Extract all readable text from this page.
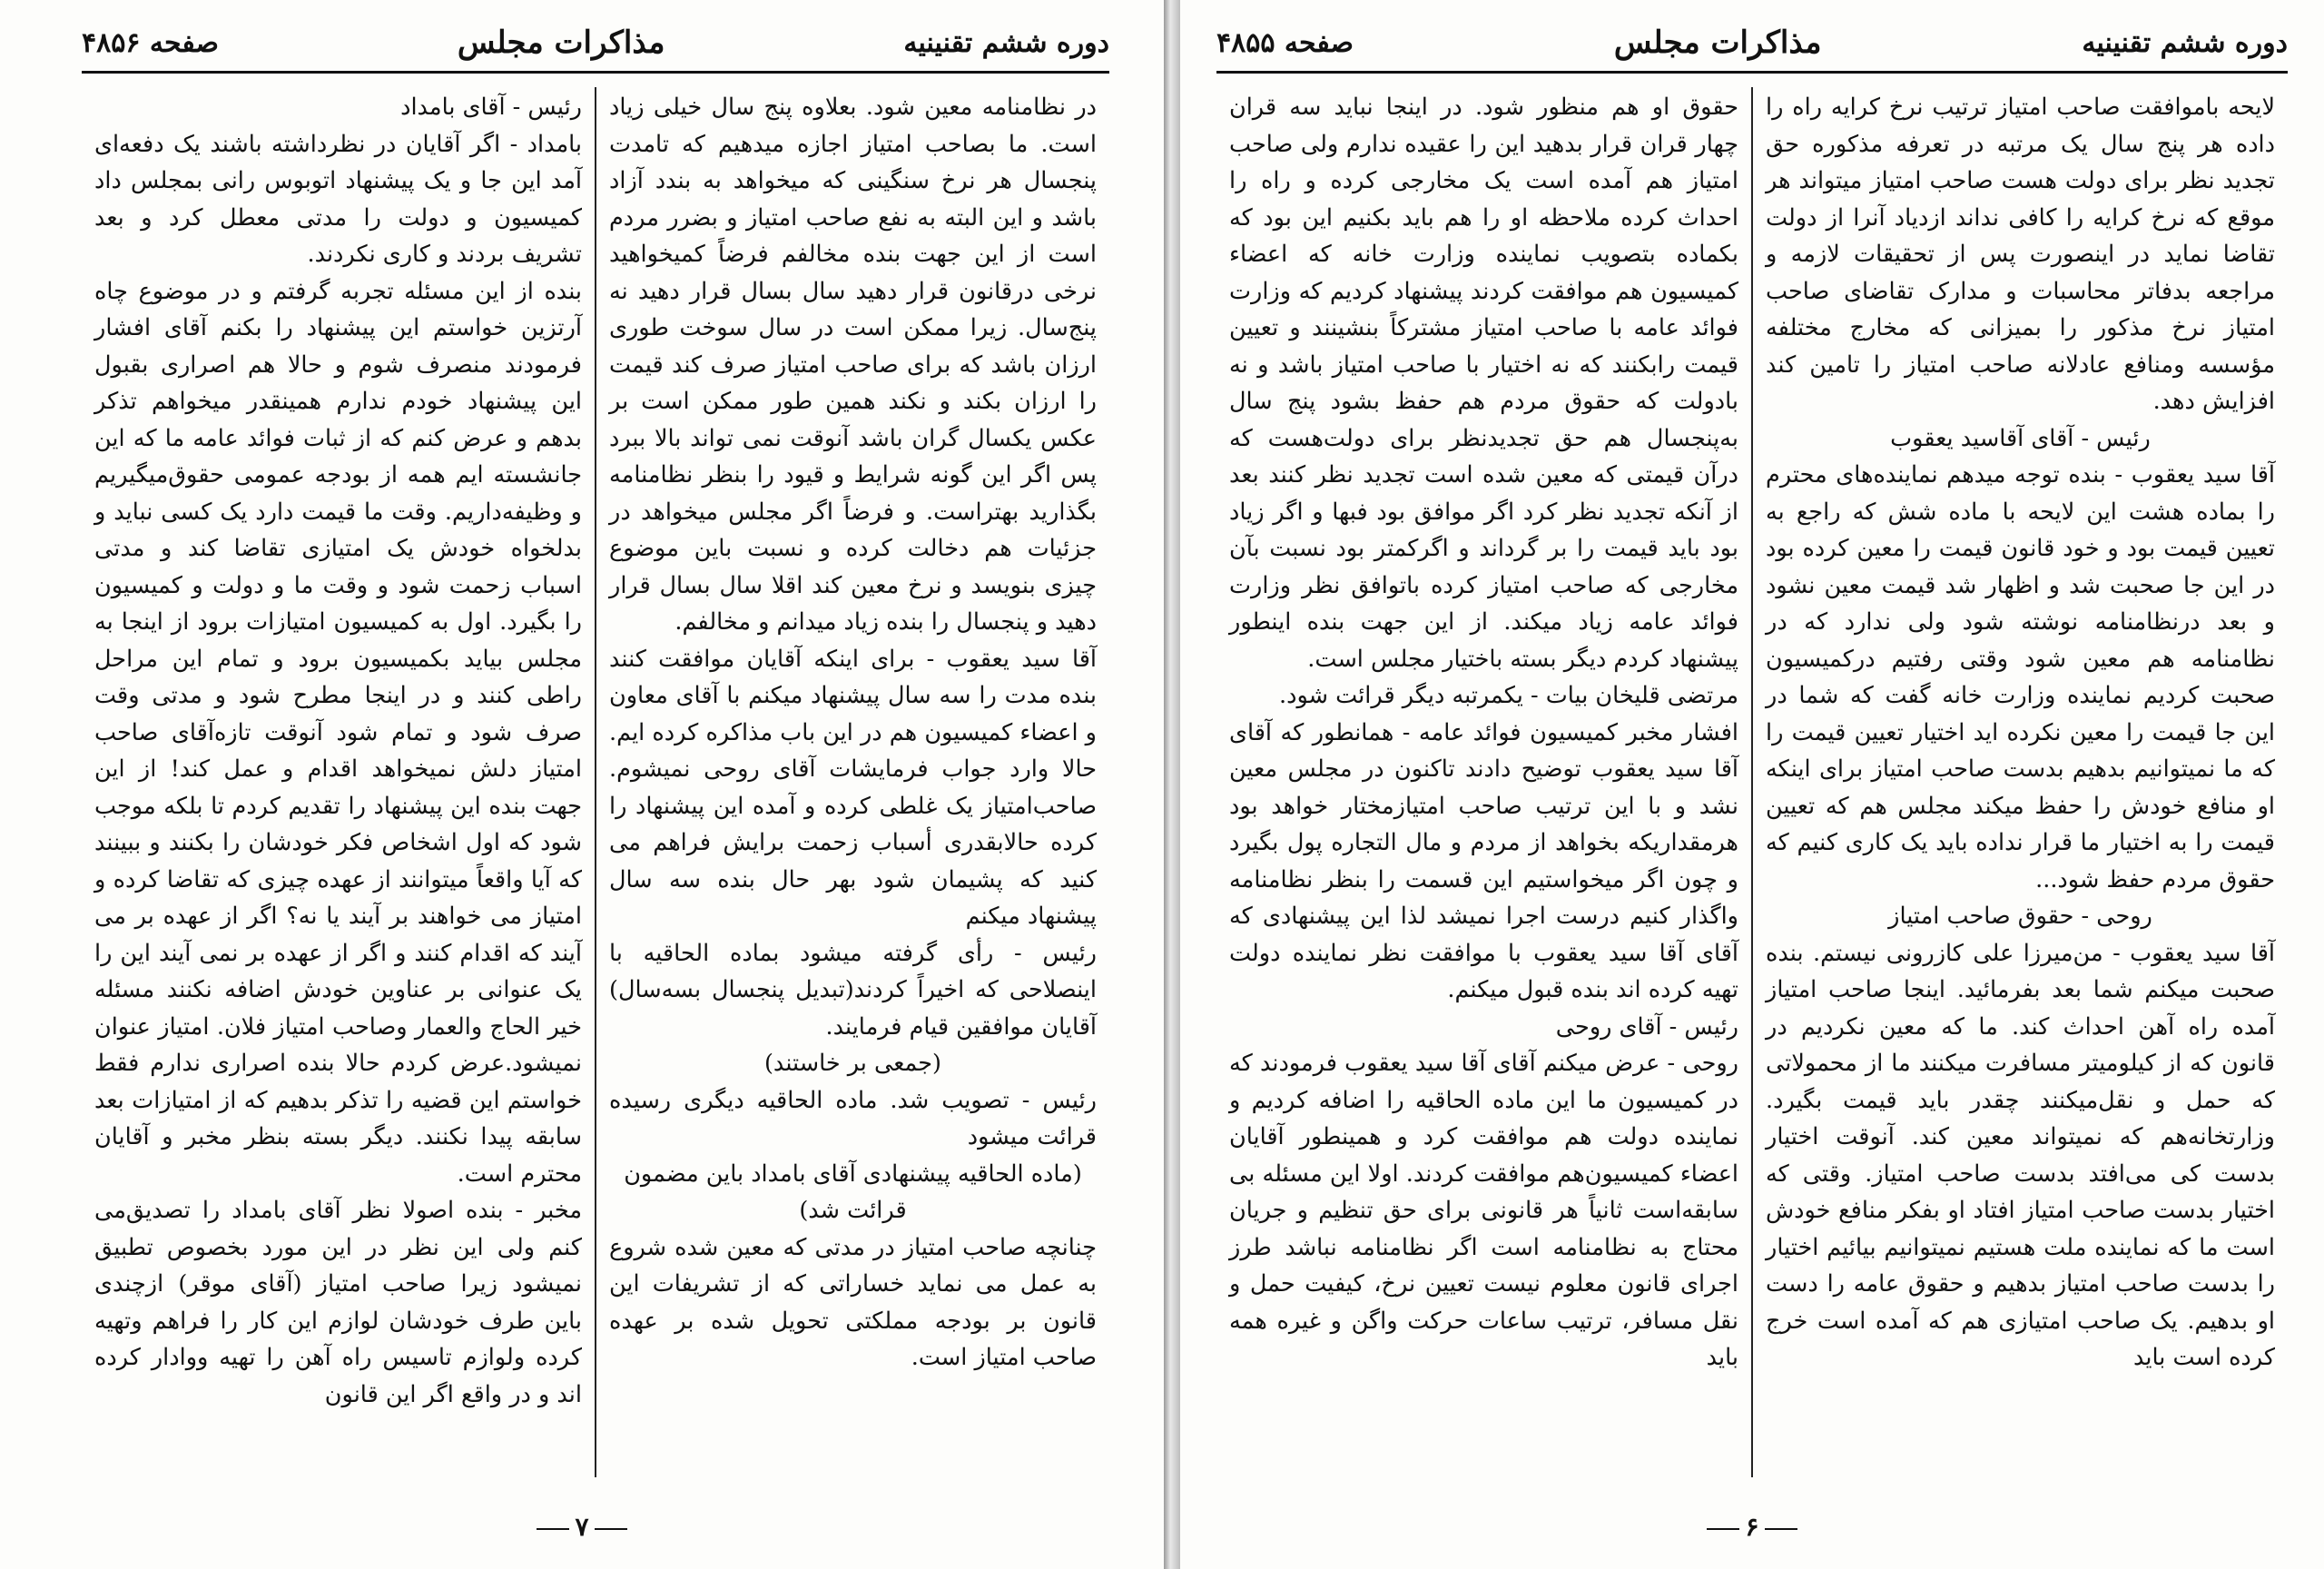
صفحه ۴۸۵۶	مذاکرات مجلس	دوره ششم تقنینیه

رئیس - آقای بامداد

بامداد - اگر آقایان در نظرداشته باشند یک دفعه‌ای آمد این جا و یک پیشنهاد اتوبوس رانی بمجلس داد کمیسیون و دولت را مدتی معطل کرد و بعد تشریف بردند و کاری نکردند.

بنده از این مسئله تجربه گرفتم و در موضوع چاه آرتزین خواستم این پیشنهاد را بکنم آقای افشار فرمودند منصرف شوم و حالا هم اصراری بقبول این پیشنهاد خودم ندارم همینقدر میخواهم تذکر بدهم و عرض کنم که از ثبات فوائد عامه ما که این جانشسته ایم همه از بودجه عمومی حقوق‌میگیریم و وظیفه‌داریم. وقت ما قیمت دارد یک کسی نباید و بدلخواه خودش یک امتیازی تقاضا کند و مدتی اسباب زحمت شود و وقت ما و دولت و کمیسیون را بگیرد. اول به کمیسیون امتیازات برود از اینجا به مجلس بیاید بکمیسیون برود و تمام این مراحل راطی کنند و در اینجا مطرح شود و مدتی وقت صرف شود و تمام شود آنوقت تازه‌آقای صاحب امتیاز دلش نمیخواهد اقدام و عمل کند! از این جهت بنده این پیشنهاد را تقدیم کردم تا بلکه موجب شود که اول اشخاص فکر خودشان را بکنند و ببینند که آیا واقعاً میتوانند از عهده چیزی که تقاضا کرده و امتیاز می خواهند بر آیند یا نه؟ اگر از عهده بر می آیند که اقدام کنند و اگر از عهده بر نمی آیند این را یک عنوانی بر عناوین خودش اضافه نکنند مسئله خیر الحاج والعمار وصاحب امتیاز فلان. امتیاز عنوان نمیشود.عرض کردم حالا بنده اصراری ندارم فقط خواستم این قضیه را تذکر بدهیم که از امتیازات بعد سابقه پیدا نکنند. دیگر بسته بنظر مخبر و آقایان محترم است.

مخبر - بنده اصولا نظر آقای بامداد را تصدیق‌می کنم ولی این نظر در این مورد بخصوص تطبیق نمیشود زیرا صاحب امتیاز (آقای موقر) ازچندی باین طرف خودشان لوازم این کار را فراهم وتهیه کرده ولوازم تاسیس راه آهن را تهیه ووادار کرده اند و در واقع اگر این قانون

در نظامنامه معین شود. بعلاوه پنج سال خیلی زیاد است. ما بصاحب امتیاز اجازه میدهیم که تامدت پنجسال هر نرخ سنگینی که میخواهد به بندد آزاد باشد و این البته به نفع صاحب امتیاز و بضرر مردم است از این جهت بنده مخالفم فرضاً کمیخواهید نرخی درقانون قرار دهید سال بسال قرار دهید نه پنج‌سال. زیرا ممکن است در سال سوخت طوری ارزان باشد که برای صاحب امتیاز صرف کند قیمت را ارزان بکند و نکند همین طور ممکن است بر عکس یکسال گران باشد آنوقت نمی تواند بالا ببرد پس اگر این گونه شرایط و قیود را بنظر نظامنامه بگذارید بهتراست. و فرضاً اگر مجلس میخواهد در جزئیات هم دخالت کرده و نسبت باین موضوع چیزی بنویسد و نرخ معین کند اقلا سال بسال قرار دهید و پنجسال را بنده زیاد میدانم و مخالفم.

آقا سید یعقوب - برای اینکه آقایان موافقت کنند بنده مدت را سه سال پیشنهاد میکنم با آقای معاون و اعضاء کمیسیون هم در این باب مذاکره کرده ایم. حالا وارد جواب فرمایشات آقای روحی نمیشوم. صاحب‌امتیاز یک غلطی کرده و آمده این پیشنهاد را کرده حالابقدری أسباب زحمت برایش فراهم می کنید که پشیمان شود بهر حال بنده سه سال پیشنهاد میکنم

رئیس - رأی گرفته میشود بماده الحاقیه با اینصلاحی که اخیراً کردند(تبدیل پنجسال بسه‌سال) آقایان موافقین قیام فرمایند.

(جمعی بر خاستند)

رئیس - تصویب شد. ماده الحاقیه دیگری رسیده قرائت میشود

(ماده الحاقیه پیشنهادی آقای بامداد باین مضمون قرائت شد)

چنانچه صاحب امتیاز در مدتی که معین شده شروع به عمل می نماید خساراتی که از تشریفات این قانون بر بودجه مملکتی تحویل شده بر عهده صاحب امتیاز است.

۷
صفحه ۴۸۵۵	مذاکرات مجلس	دوره ششم تقنینیه

حقوق او هم منظور شود. در اینجا نباید سه قران چهار قران قرار بدهید این را عقیده ندارم ولی صاحب امتیاز هم آمده است یک مخارجی کرده و راه را احداث کرده ملاحظه او را هم باید بکنیم این بود که بکماده بتصویب نماینده وزارت خانه که اعضاء کمیسیون هم موافقت کردند پیشنهاد کردیم که وزارت فوائد عامه با صاحب امتیاز مشترکاً بنشینند و تعیین قیمت رابکنند که نه اختیار با صاحب امتیاز باشد و نه بادولت که حقوق مردم هم حفظ بشود پنج سال به‌پنجسال هم حق تجدیدنظر برای دولت‌هست که درآن قیمتی که معین شده است تجدید نظر کنند بعد از آنکه تجدید نظر کرد اگر موافق بود فبها و اگر زیاد بود باید قیمت را بر گرداند و اگرکمتر بود نسبت بآن مخارجی که صاحب امتیاز کرده باتوافق نظر وزارت فوائد عامه زیاد میکند. از این جهت بنده اینطور پیشنهاد کردم دیگر بسته باختیار مجلس است.

مرتضی قلیخان بیات - یکمرتبه دیگر قرائت شود.

افشار مخبر کمیسیون فوائد عامه - همانطور که آقای آقا سید یعقوب توضیح دادند تاکنون در مجلس معین نشد و با این ترتیب صاحب امتیازمختار خواهد بود هرمقداریکه بخواهد از مردم و مال التجاره پول بگیرد و چون اگر میخواستیم این قسمت را بنظر نظامنامه واگذار کنیم درست اجرا نمیشد لذا این پیشنهادی که آقای آقا سید یعقوب با موافقت نظر نماینده دولت تهیه کرده اند بنده قبول میکنم.

رئیس - آقای روحی

روحی - عرض میکنم آقای آقا سید یعقوب فرمودند که در کمیسیون ما این ماده الحاقیه را اضافه کردیم و نماینده دولت هم موافقت کرد و همینطور آقایان اعضاء کمیسیون‌هم موافقت کردند. اولا این مسئله بی سابقه‌است ثانیاً هر قانونی برای حق تنظیم و جریان محتاج به نظامنامه است اگر نظامنامه نباشد طرز اجرای قانون معلوم نیست تعیین نرخ، کیفیت حمل و نقل مسافر، ترتیب ساعات حرکت واگن و غیره همه باید

لایحه باموافقت صاحب امتیاز ترتیب نرخ کرایه راه را داده هر پنج سال یک مرتبه در تعرفه مذکوره حق تجدید نظر برای دولت هست صاحب امتیاز میتواند هر موقع که نرخ کرایه را کافی نداند ازدیاد آنرا از دولت تقاضا نماید در اینصورت پس از تحقیقات لازمه و مراجعه بدفاتر محاسبات و مدارک تقاضای صاحب امتیاز نرخ مذکور را بمیزانی که مخارج مختلفه مؤسسه ومنافع عادلانه صاحب امتیاز را تامین کند افزایش دهد.

رئیس - آقای آقاسید یعقوب

آقا سید یعقوب - بنده توجه میدهم نماینده‌های محترم را بماده هشت این لایحه با ماده شش که راجع به تعیین قیمت بود و خود قانون قیمت را معین کرده بود در این جا صحبت شد و اظهار شد قیمت معین نشود و بعد درنظامنامه نوشته شود ولی ندارد که در نظامنامه هم معین شود وقتی رفتیم درکمیسیون صحبت کردیم نماینده وزارت خانه گفت که شما در این جا قیمت را معین نکرده اید اختیار تعیین قیمت را که ما نمیتوانیم بدهیم بدست صاحب امتیاز برای اینکه او منافع خودش را حفظ میکند مجلس هم که تعیین قیمت را به اختیار ما قرار نداده باید یک کاری کنیم که حقوق مردم حفظ شود...

روحی - حقوق صاحب امتیاز

آقا سید یعقوب - من‌میرزا علی کازرونی نیستم. بنده صحبت میکنم شما بعد بفرمائید. اینجا صاحب امتیاز آمده راه آهن احداث کند. ما که معین نکردیم در قانون که از کیلوميتر مسافرت میکنند ما از محمولاتی که حمل و نقل‌میکنند چقدر باید قیمت بگیرد. وزارتخانه‌هم که نمیتواند معین کند. آنوقت اختیار بدست کی می‌افتد بدست صاحب امتیاز. وقتی که اختیار بدست صاحب امتیاز افتاد او بفکر منافع خودش است ما که نماینده ملت هستیم نمیتوانیم بیائیم اختیار را بدست صاحب امتیاز بدهیم و حقوق عامه را دست او بدهیم. یک صاحب امتیازی هم که آمده است خرج کرده است باید

۶
